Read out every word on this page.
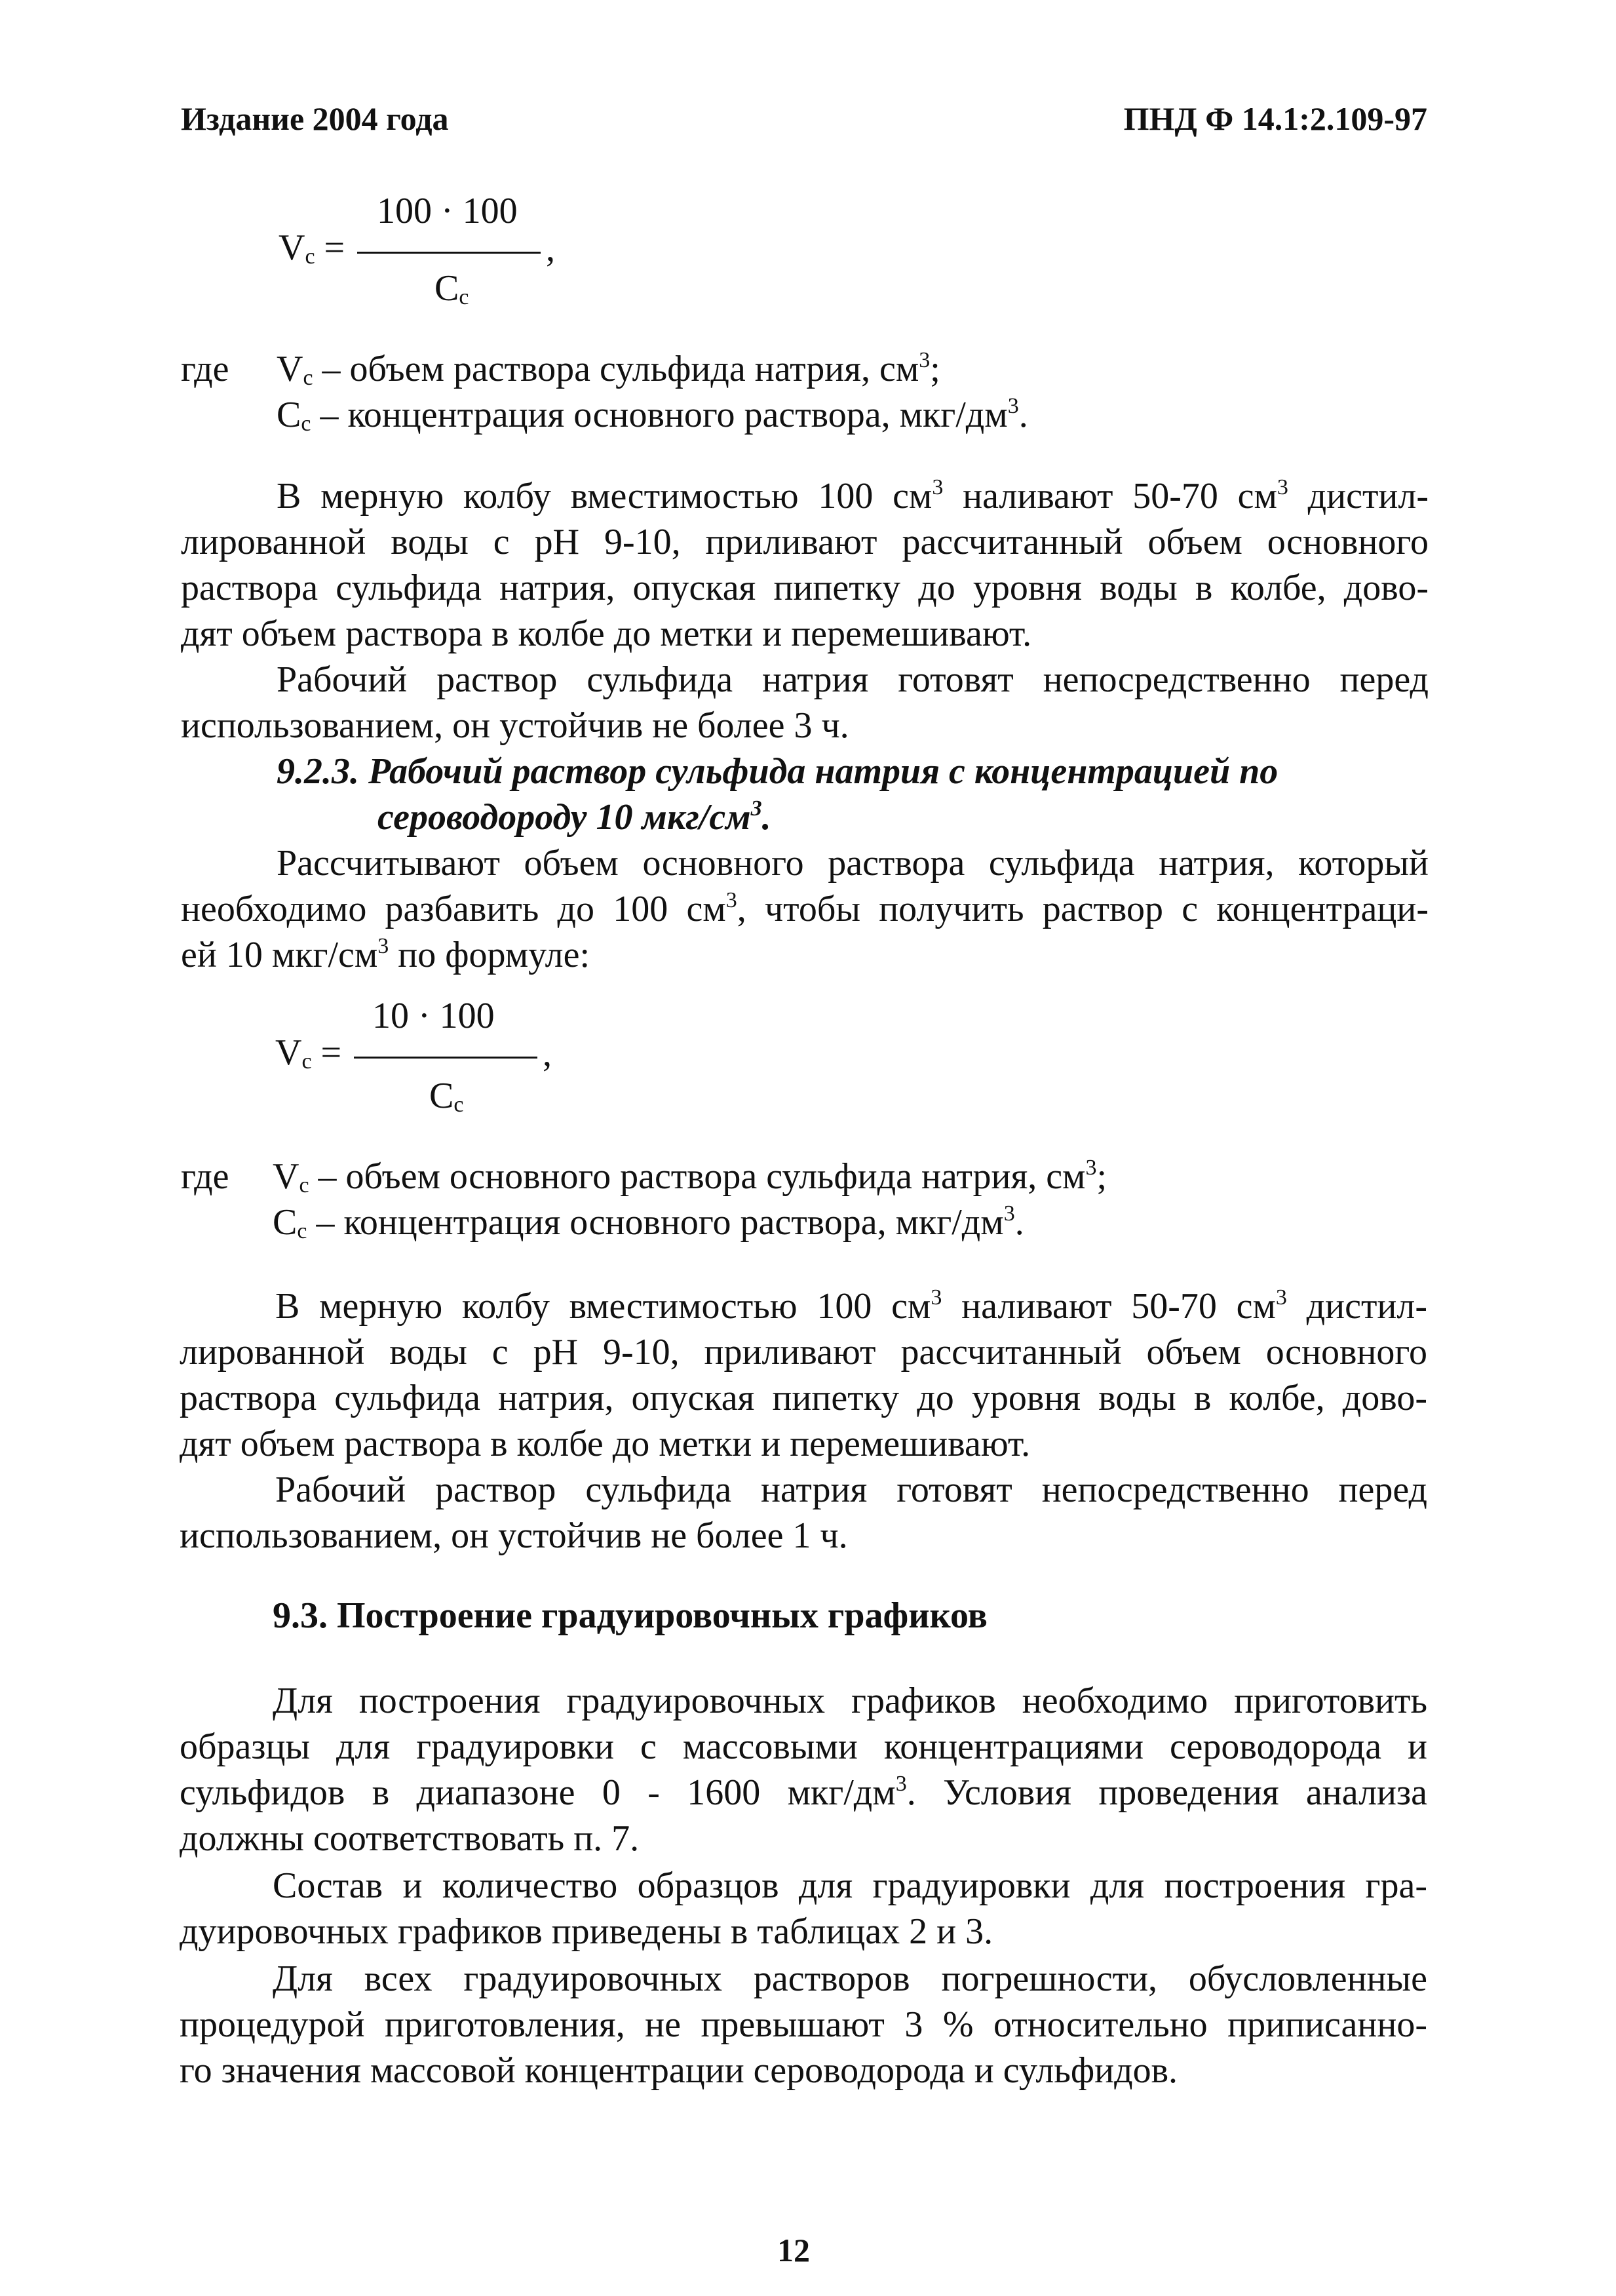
Издание 2004 года	ПНД Ф 14.1:2.109-97
100 · 100
$V_c$ =	,
$C_c$
где $V_c$ – объем раствора сульфида натрия, $см^3$;
$C_c$ – концентрация основного раствора, мкг/$дм^3$.
В мерную колбу вместимостью 100 $см^3$ наливают 50-70 $см^3$ дистил-
лированной воды с рН 9-10, приливают рассчитанный объем основного
раствора сульфида натрия, опуская пипетку до уровня воды в колбе, дово-
дят объем раствора в колбе до метки и перемешивают.
Рабочий раствор сульфида натрия готовят непосредственно перед
использованием, он устойчив не более 3 ч.
9.2.3. Рабочий раствор сульфида натрия с концентрацией по
сероводороду 10 мкг/$см^3$.
Рассчитывают объем основного раствора сульфида натрия, который
необходимо разбавить до 100 $см^3$, чтобы получить раствор с концентраци-
ей 10 мкг/$см^3$ по формуле:
10 · 100
$V_c$ =	,
$C_c$
где $V_c$ – объем основного раствора сульфида натрия, $см^3$;
$C_c$ – концентрация основного раствора, мкг/$дм^3$.
В мерную колбу вместимостью 100 $см^3$ наливают 50-70 $см^3$ дистил-
лированной воды с рН 9-10, приливают рассчитанный объем основного
раствора сульфида натрия, опуская пипетку до уровня воды в колбе, дово-
дят объем раствора в колбе до метки и перемешивают.
Рабочий раствор сульфида натрия готовят непосредственно перед
использованием, он устойчив не более 1 ч.
9.3. Построение градуировочных графиков
Для построения градуировочных графиков необходимо приготовить
образцы для градуировки с массовыми концентрациями сероводорода и
сульфидов в диапазоне 0 - 1600 мкг/$дм^3$. Условия проведения анализа
должны соответствовать п. 7.
Состав и количество образцов для градуировки для построения гра-
дуировочных графиков приведены в таблицах 2 и 3.
Для всех градуировочных растворов погрешности, обусловленные
процедурой приготовления, не превышают 3 % относительно приписанно-
го значения массовой концентрации сероводорода и сульфидов.
12
